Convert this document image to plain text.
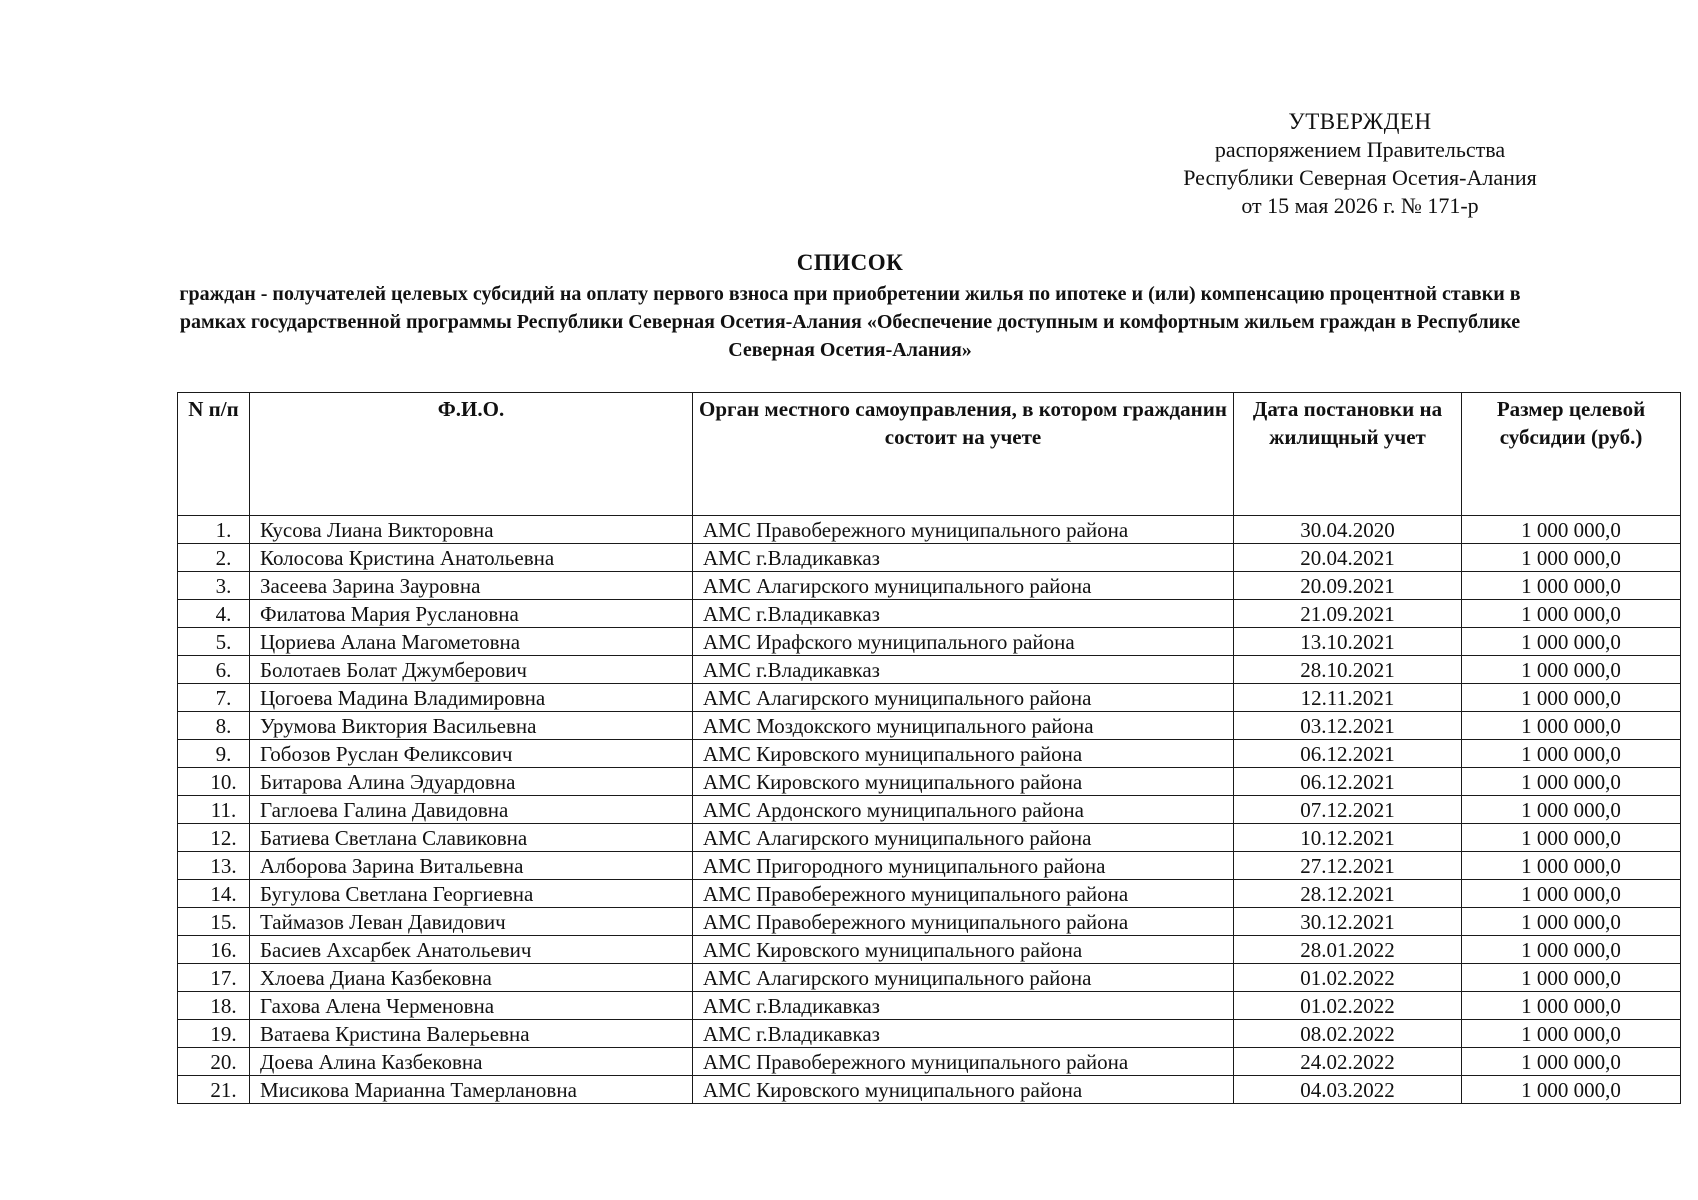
УТВЕРЖДЕН
распоряжением Правительства
Республики Северная Осетия-Алания
от 15 мая 2026 г. № 171-р
СПИСОК
граждан - получателей целевых субсидий на оплату первого взноса при приобретении жилья по ипотеке и (или) компенсацию процентной ставки в рамках государственной программы Республики Северная Осетия-Алания «Обеспечение доступным и комфортным жильем граждан в Республике Северная Осетия-Алания»
N п/п	Ф.И.О.	Орган местного самоуправления, в котором гражданин состоит на учете	Дата постановки на жилищный учет	Размер целевой субсидии (руб.)
1.	Кусова Лиана Викторовна	АМС Правобережного муниципального района	30.04.2020	1 000 000,0
2.	Колосова Кристина Анатольевна	АМС г.Владикавказ	20.04.2021	1 000 000,0
3.	Засеева Зарина Зауровна	АМС Алагирского муниципального района	20.09.2021	1 000 000,0
4.	Филатова Мария Руслановна	АМС г.Владикавказ	21.09.2021	1 000 000,0
5.	Цориева Алана Магометовна	АМС Ирафского муниципального района	13.10.2021	1 000 000,0
6.	Болотаев Болат Джумберович	АМС г.Владикавказ	28.10.2021	1 000 000,0
7.	Цогоева Мадина Владимировна	АМС Алагирского муниципального района	12.11.2021	1 000 000,0
8.	Урумова Виктория Васильевна	АМС Моздокского муниципального района	03.12.2021	1 000 000,0
9.	Гобозов Руслан Феликсович	АМС Кировского муниципального района	06.12.2021	1 000 000,0
10.	Битарова Алина Эдуардовна	АМС Кировского муниципального района	06.12.2021	1 000 000,0
11.	Гаглоева Галина Давидовна	АМС Ардонского муниципального района	07.12.2021	1 000 000,0
12.	Батиева Светлана Славиковна	АМС Алагирского муниципального района	10.12.2021	1 000 000,0
13.	Алборова Зарина Витальевна	АМС Пригородного муниципального района	27.12.2021	1 000 000,0
14.	Бугулова Светлана Георгиевна	АМС Правобережного муниципального района	28.12.2021	1 000 000,0
15.	Таймазов Леван Давидович	АМС Правобережного муниципального района	30.12.2021	1 000 000,0
16.	Басиев Ахсарбек Анатольевич	АМС Кировского муниципального района	28.01.2022	1 000 000,0
17.	Хлоева Диана Казбековна	АМС Алагирского муниципального района	01.02.2022	1 000 000,0
18.	Гахова Алена Черменовна	АМС г.Владикавказ	01.02.2022	1 000 000,0
19.	Ватаева Кристина Валерьевна	АМС г.Владикавказ	08.02.2022	1 000 000,0
20.	Доева Алина Казбековна	АМС Правобережного муниципального района	24.02.2022	1 000 000,0
21.	Мисикова Марианна Тамерлановна	АМС Кировского муниципального района	04.03.2022	1 000 000,0
